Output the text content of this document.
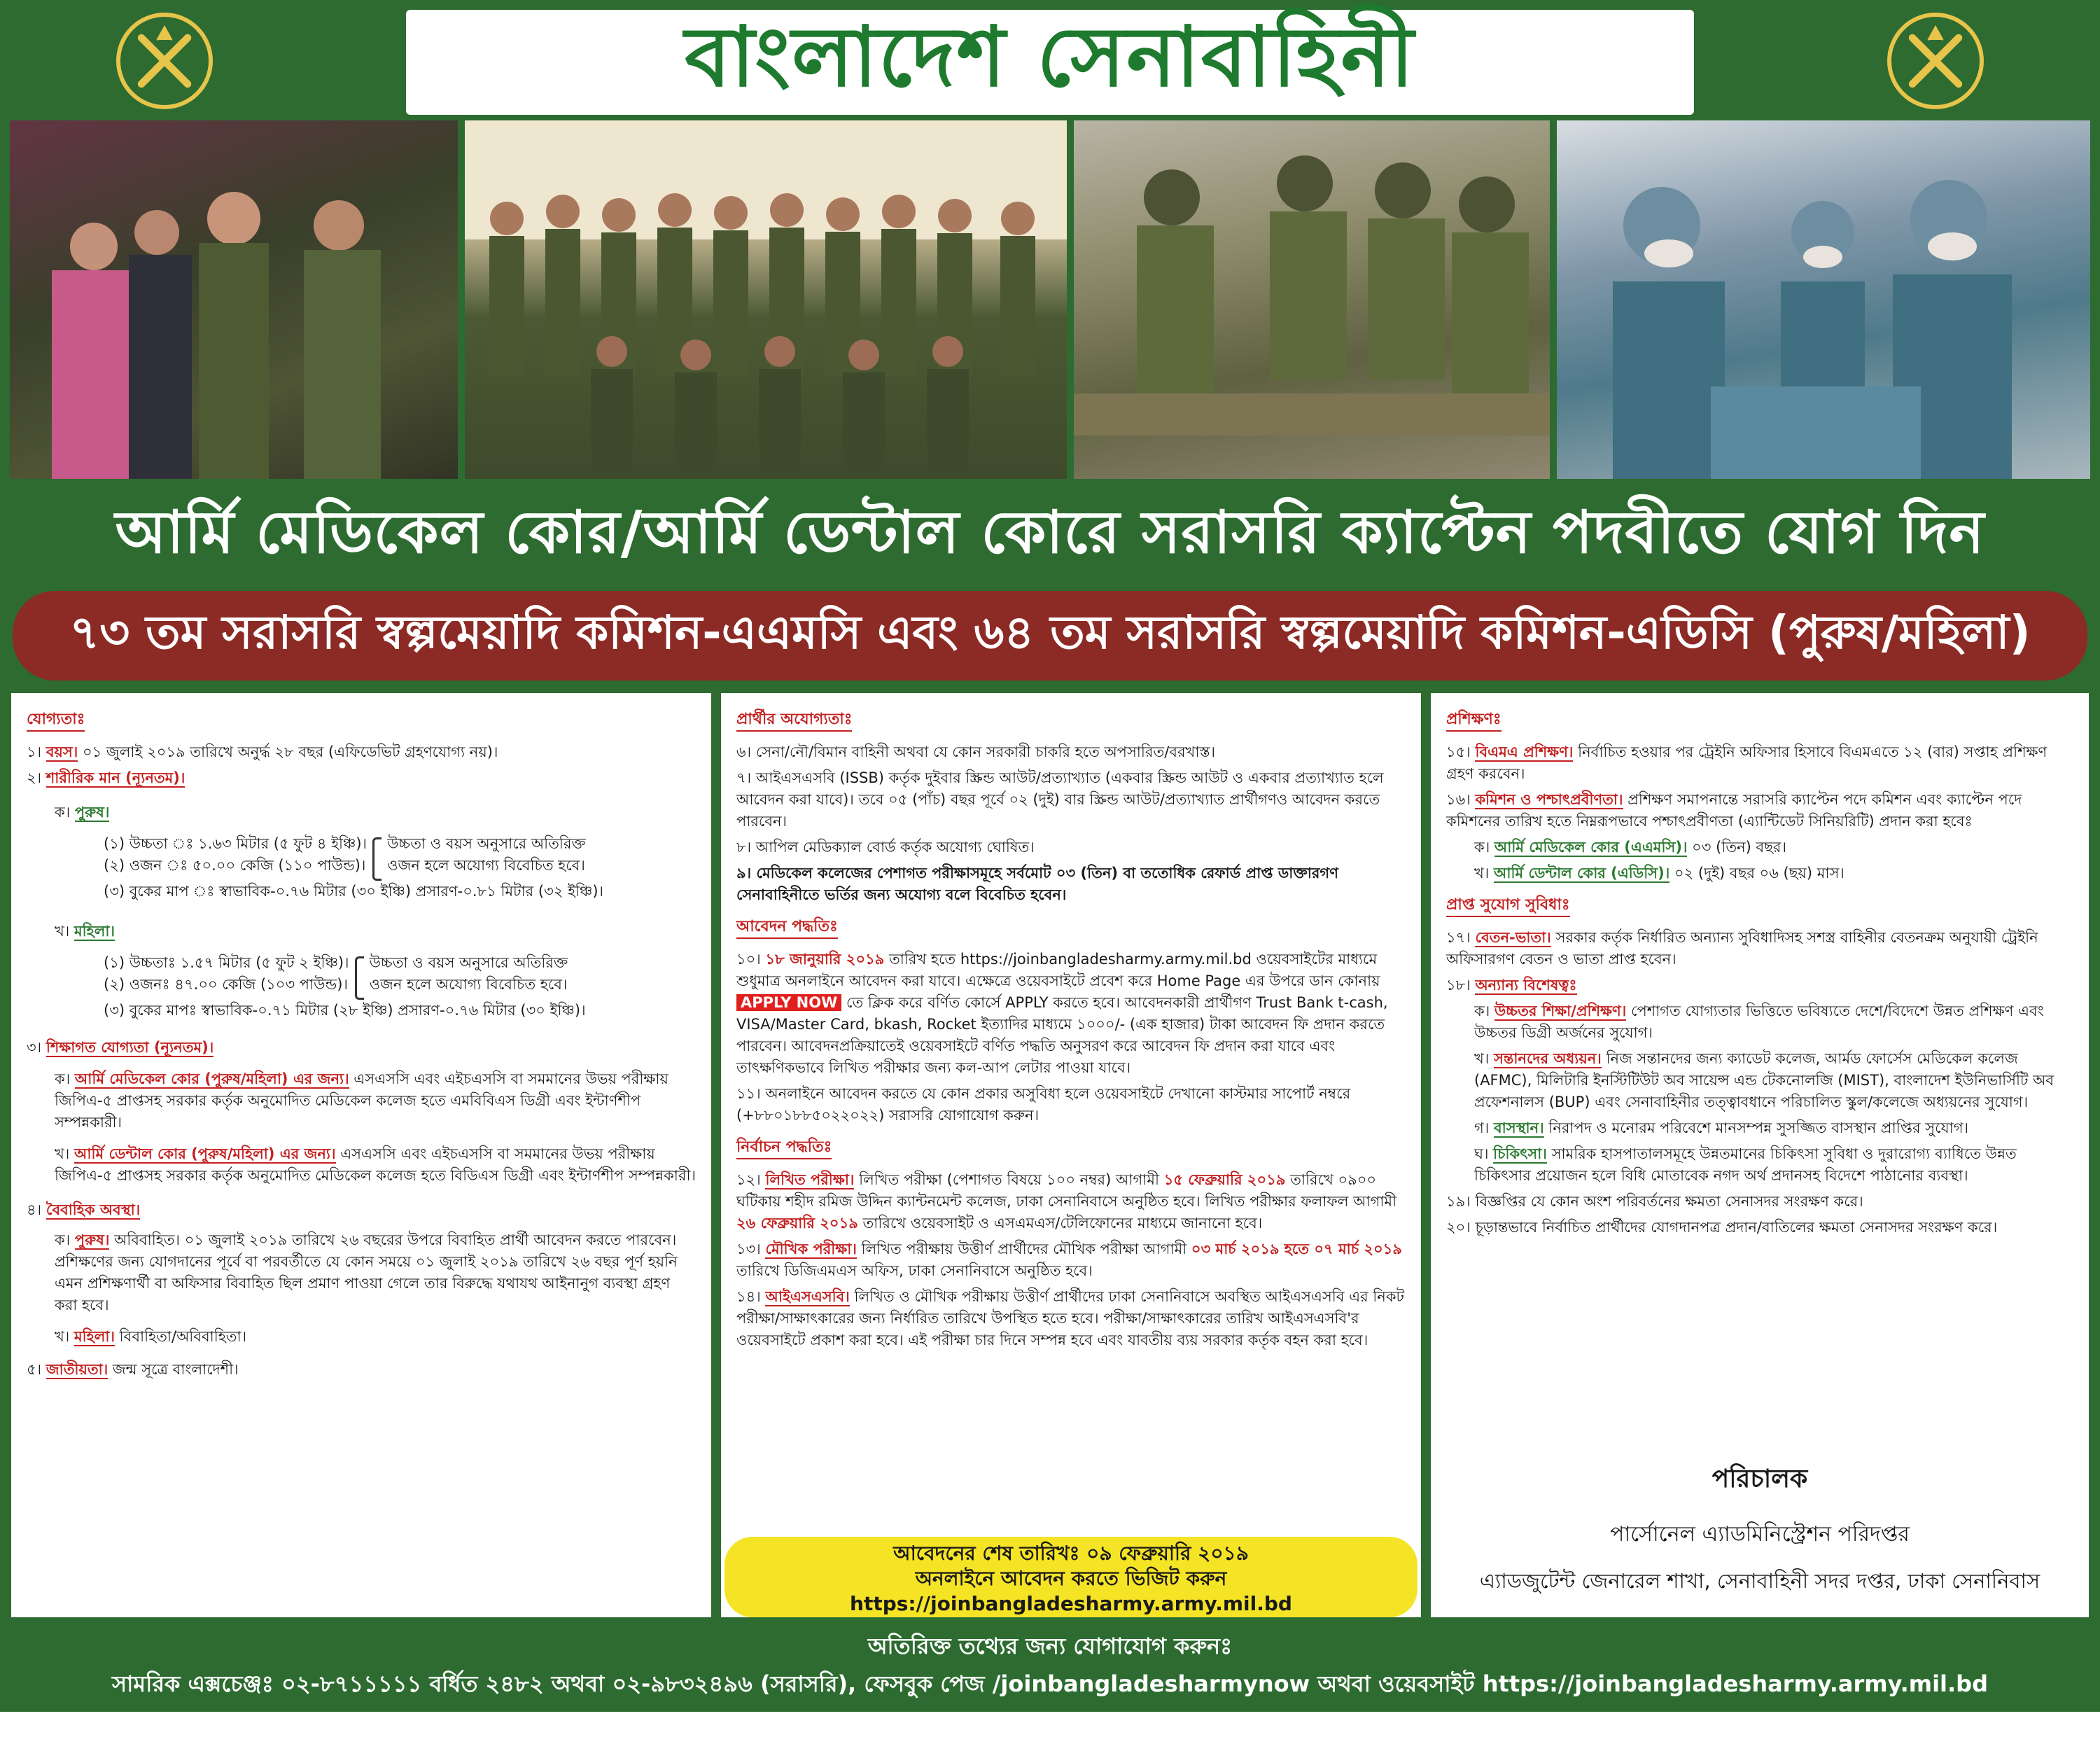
বাংলাদেশ সেনাবাহিনী
আর্মি মেডিকেল কোর/আর্মি ডেন্টাল কোরে সরাসরি ক্যাপ্টেন পদবীতে যোগ দিন
৭৩ তম সরাসরি স্বল্পমেয়াদি কমিশন-এএমসি এবং ৬৪ তম সরাসরি স্বল্পমেয়াদি কমিশন-এডিসি (পুরুষ/মহিলা)
যোগ্যতাঃ
১। বয়স। ০১ জুলাই ২০১৯ তারিখে অনুর্দ্ধ ২৮ বছর (এফিডেভিট গ্রহণযোগ্য নয়)।
২। শারীরিক মান (ন্যূনতম)।
ক। পুরুষ।
(১) উচ্চতা ঃ ১.৬৩ মিটার (৫ ফুট ৪ ইঞ্চি)।
(২) ওজন ঃ ৫০.০০ কেজি (১১০ পাউন্ড)।
উচ্চতা ও বয়স অনুসারে অতিরিক্ত
ওজন হলে অযোগ্য বিবেচিত হবে।
(৩) বুকের মাপ ঃ স্বাভাবিক-০.৭৬ মিটার (৩০ ইঞ্চি) প্রসারণ-০.৮১ মিটার (৩২ ইঞ্চি)।
খ। মহিলা।
(১) উচ্চতাঃ ১.৫৭ মিটার (৫ ফুট ২ ইঞ্চি)।
(২) ওজনঃ ৪৭.০০ কেজি (১০৩ পাউন্ড)।
উচ্চতা ও বয়স অনুসারে অতিরিক্ত
ওজন হলে অযোগ্য বিবেচিত হবে।
(৩) বুকের মাপঃ স্বাভাবিক-০.৭১ মিটার (২৮ ইঞ্চি) প্রসারণ-০.৭৬ মিটার (৩০ ইঞ্চি)।
৩। শিক্ষাগত যোগ্যতা (ন্যূনতম)।
ক। আর্মি মেডিকেল কোর (পুরুষ/মহিলা) এর জন্য। এসএসসি এবং এইচএসসি বা সমমানের উভয় পরীক্ষায় জিপিএ-৫ প্রাপ্তসহ সরকার কর্তৃক অনুমোদিত মেডিকেল কলেজ হতে এমবিবিএস ডিগ্রী এবং ইন্টার্ণশীপ সম্পন্নকারী।
খ। আর্মি ডেন্টাল কোর (পুরুষ/মহিলা) এর জন্য। এসএসসি এবং এইচএসসি বা সমমানের উভয় পরীক্ষায় জিপিএ-৫ প্রাপ্তসহ সরকার কর্তৃক অনুমোদিত মেডিকেল কলেজ হতে বিডিএস ডিগ্রী এবং ইন্টার্ণশীপ সম্পন্নকারী।
৪। বৈবাহিক অবস্থা।
ক। পুরুষ। অবিবাহিত। ০১ জুলাই ২০১৯ তারিখে ২৬ বছরের উপরে বিবাহিত প্রার্থী আবেদন করতে পারবেন। প্রশিক্ষণের জন্য যোগদানের পূর্বে বা পরবর্তীতে যে কোন সময়ে ০১ জুলাই ২০১৯ তারিখে ২৬ বছর পূর্ণ হয়নি এমন প্রশিক্ষণার্থী বা অফিসার বিবাহিত ছিল প্রমাণ পাওয়া গেলে তার বিরুদ্ধে যথাযথ আইনানুগ ব্যবস্থা গ্রহণ করা হবে।
খ। মহিলা। বিবাহিতা/অবিবাহিতা।
৫। জাতীয়তা। জন্ম সূত্রে বাংলাদেশী।
প্রার্থীর অযোগ্যতাঃ
৬। সেনা/নৌ/বিমান বাহিনী অথবা যে কোন সরকারী চাকরি হতে অপসারিত/বরখাস্ত।
৭। আইএসএসবি (ISSB) কর্তৃক দুইবার স্ক্রিন্ড আউট/প্রত্যাখ্যাত (একবার স্ক্রিন্ড আউট ও একবার প্রত্যাখ্যাত হলে আবেদন করা যাবে)। তবে ০৫ (পাঁচ) বছর পূর্বে ০২ (দুই) বার স্ক্রিন্ড আউট/প্রত্যাখ্যাত প্রার্থীগণও আবেদন করতে পারবেন।
৮। আপিল মেডিক্যাল বোর্ড কর্তৃক অযোগ্য ঘোষিত।
৯। মেডিকেল কলেজের পেশাগত পরীক্ষাসমূহে সর্বমোট ০৩ (তিন) বা ততোধিক রেফার্ড প্রাপ্ত ডাক্তারগণ সেনাবাহিনীতে ভর্তির জন্য অযোগ্য বলে বিবেচিত হবেন।
আবেদন পদ্ধতিঃ
১০। ১৮ জানুয়ারি ২০১৯ তারিখ হতে https://joinbangladesharmy.army.mil.bd ওয়েবসাইটের মাধ্যমে শুধুমাত্র অনলাইনে আবেদন করা যাবে। এক্ষেত্রে ওয়েবসাইটে প্রবেশ করে Home Page এর উপরে ডান কোনায় APPLY NOW তে ক্লিক করে বর্ণিত কোর্সে APPLY করতে হবে। আবেদনকারী প্রার্থীগণ Trust Bank t-cash, VISA/Master Card, bkash, Rocket ইত্যাদির মাধ্যমে ১০০০/- (এক হাজার) টাকা আবেদন ফি প্রদান করতে পারবেন। আবেদনপ্রক্রিয়াতেই ওয়েবসাইটে বর্ণিত পদ্ধতি অনুসরণ করে আবেদন ফি প্রদান করা যাবে এবং তাৎক্ষণিকভাবে লিখিত পরীক্ষার জন্য কল-আপ লেটার পাওয়া যাবে।
১১। অনলাইনে আবেদন করতে যে কোন প্রকার অসুবিধা হলে ওয়েবসাইটে দেখানো কাস্টমার সাপোর্ট নম্বরে (+৮৮০১৮৮৫০২২০২২) সরাসরি যোগাযোগ করুন।
নির্বাচন পদ্ধতিঃ
১২। লিখিত পরীক্ষা। লিখিত পরীক্ষা (পেশাগত বিষয়ে ১০০ নম্বর) আগামী ১৫ ফেব্রুয়ারি ২০১৯ তারিখে ০৯০০ ঘটিকায় শহীদ রমিজ উদ্দিন ক্যান্টনমেন্ট কলেজ, ঢাকা সেনানিবাসে অনুষ্ঠিত হবে। লিখিত পরীক্ষার ফলাফল আগামী ২৬ ফেব্রুয়ারি ২০১৯ তারিখে ওয়েবসাইট ও এসএমএস/টেলিফোনের মাধ্যমে জানানো হবে।
১৩। মৌখিক পরীক্ষা। লিখিত পরীক্ষায় উত্তীর্ণ প্রার্থীদের মৌখিক পরীক্ষা আগামী ০৩ মার্চ ২০১৯ হতে ০৭ মার্চ ২০১৯ তারিখে ডিজিএমএস অফিস, ঢাকা সেনানিবাসে অনুষ্ঠিত হবে।
১৪। আইএসএসবি। লিখিত ও মৌখিক পরীক্ষায় উত্তীর্ণ প্রার্থীদের ঢাকা সেনানিবাসে অবস্থিত আইএসএসবি এর নিকট পরীক্ষা/সাক্ষাৎকারের জন্য নির্ধারিত তারিখে উপস্থিত হতে হবে। পরীক্ষা/সাক্ষাৎকারের তারিখ আইএসএসবি'র ওয়েবসাইটে প্রকাশ করা হবে। এই পরীক্ষা চার দিনে সম্পন্ন হবে এবং যাবতীয় ব্যয় সরকার কর্তৃক বহন করা হবে।
আবেদনের শেষ তারিখঃ ০৯ ফেব্রুয়ারি ২০১৯
অনলাইনে আবেদন করতে ভিজিট করুন
https://joinbangladesharmy.army.mil.bd
প্রশিক্ষণঃ
১৫। বিএমএ প্রশিক্ষণ। নির্বাচিত হওয়ার পর ট্রেইনি অফিসার হিসাবে বিএমএতে ১২ (বার) সপ্তাহ প্রশিক্ষণ গ্রহণ করবেন।
১৬। কমিশন ও পশ্চাৎপ্রবীণতা। প্রশিক্ষণ সমাপনান্তে সরাসরি ক্যাপ্টেন পদে কমিশন এবং ক্যাপ্টেন পদে কমিশনের তারিখ হতে নিম্নরূপভাবে পশ্চাৎপ্রবীণতা (এ্যান্টিডেট সিনিয়রিটি) প্রদান করা হবেঃ
ক। আর্মি মেডিকেল কোর (এএমসি)। ০৩ (তিন) বছর।
খ। আর্মি ডেন্টাল কোর (এডিসি)। ০২ (দুই) বছর ০৬ (ছয়) মাস।
প্রাপ্ত সুযোগ সুবিধাঃ
১৭। বেতন-ভাতা। সরকার কর্তৃক নির্ধারিত অন্যান্য সুবিধাদিসহ সশস্ত্র বাহিনীর বেতনক্রম অনুযায়ী ট্রেইনি অফিসারগণ বেতন ও ভাতা প্রাপ্ত হবেন।
১৮। অন্যান্য বিশেষত্বঃ
ক। উচ্চতর শিক্ষা/প্রশিক্ষণ। পেশাগত যোগ্যতার ভিত্তিতে ভবিষ্যতে দেশে/বিদেশে উন্নত প্রশিক্ষণ এবং উচ্চতর ডিগ্রী অর্জনের সুযোগ।
খ। সন্তানদের অধ্যয়ন। নিজ সন্তানদের জন্য ক্যাডেট কলেজ, আর্মড ফোর্সেস মেডিকেল কলেজ (AFMC), মিলিটারি ইনস্টিটিউট অব সায়েন্স এন্ড টেকনোলজি (MIST), বাংলাদেশ ইউনিভার্সিটি অব প্রফেশনালস (BUP) এবং সেনাবাহিনীর তত্ত্বাবধানে পরিচালিত স্কুল/কলেজে অধ্যয়নের সুযোগ।
গ। বাসস্থান। নিরাপদ ও মনোরম পরিবেশে মানসম্পন্ন সুসজ্জিত বাসস্থান প্রাপ্তির সুযোগ।
ঘ। চিকিৎসা। সামরিক হাসপাতালসমূহে উন্নতমানের চিকিৎসা সুবিধা ও দুরারোগ্য ব্যাধিতে উন্নত চিকিৎসার প্রয়োজন হলে বিধি মোতাবেক নগদ অর্থ প্রদানসহ বিদেশে পাঠানোর ব্যবস্থা।
১৯। বিজ্ঞপ্তির যে কোন অংশ পরিবর্তনের ক্ষমতা সেনাসদর সংরক্ষণ করে।
২০। চূড়ান্তভাবে নির্বাচিত প্রার্থীদের যোগদানপত্র প্রদান/বাতিলের ক্ষমতা সেনাসদর সংরক্ষণ করে।
পরিচালক
পার্সোনেল এ্যাডমিনিস্ট্রেশন পরিদপ্তর
এ্যাডজুটেন্ট জেনারেল শাখা, সেনাবাহিনী সদর দপ্তর, ঢাকা সেনানিবাস
অতিরিক্ত তথ্যের জন্য যোগাযোগ করুনঃ
সামরিক এক্সচেঞ্জঃ ০২-৮৭১১১১১ বর্ধিত ২৪৮২ অথবা ০২-৯৮৩২৪৯৬ (সরাসরি), ফেসবুক পেজ /joinbangladesharmynow অথবা ওয়েবসাইট https://joinbangladesharmy.army.mil.bd
